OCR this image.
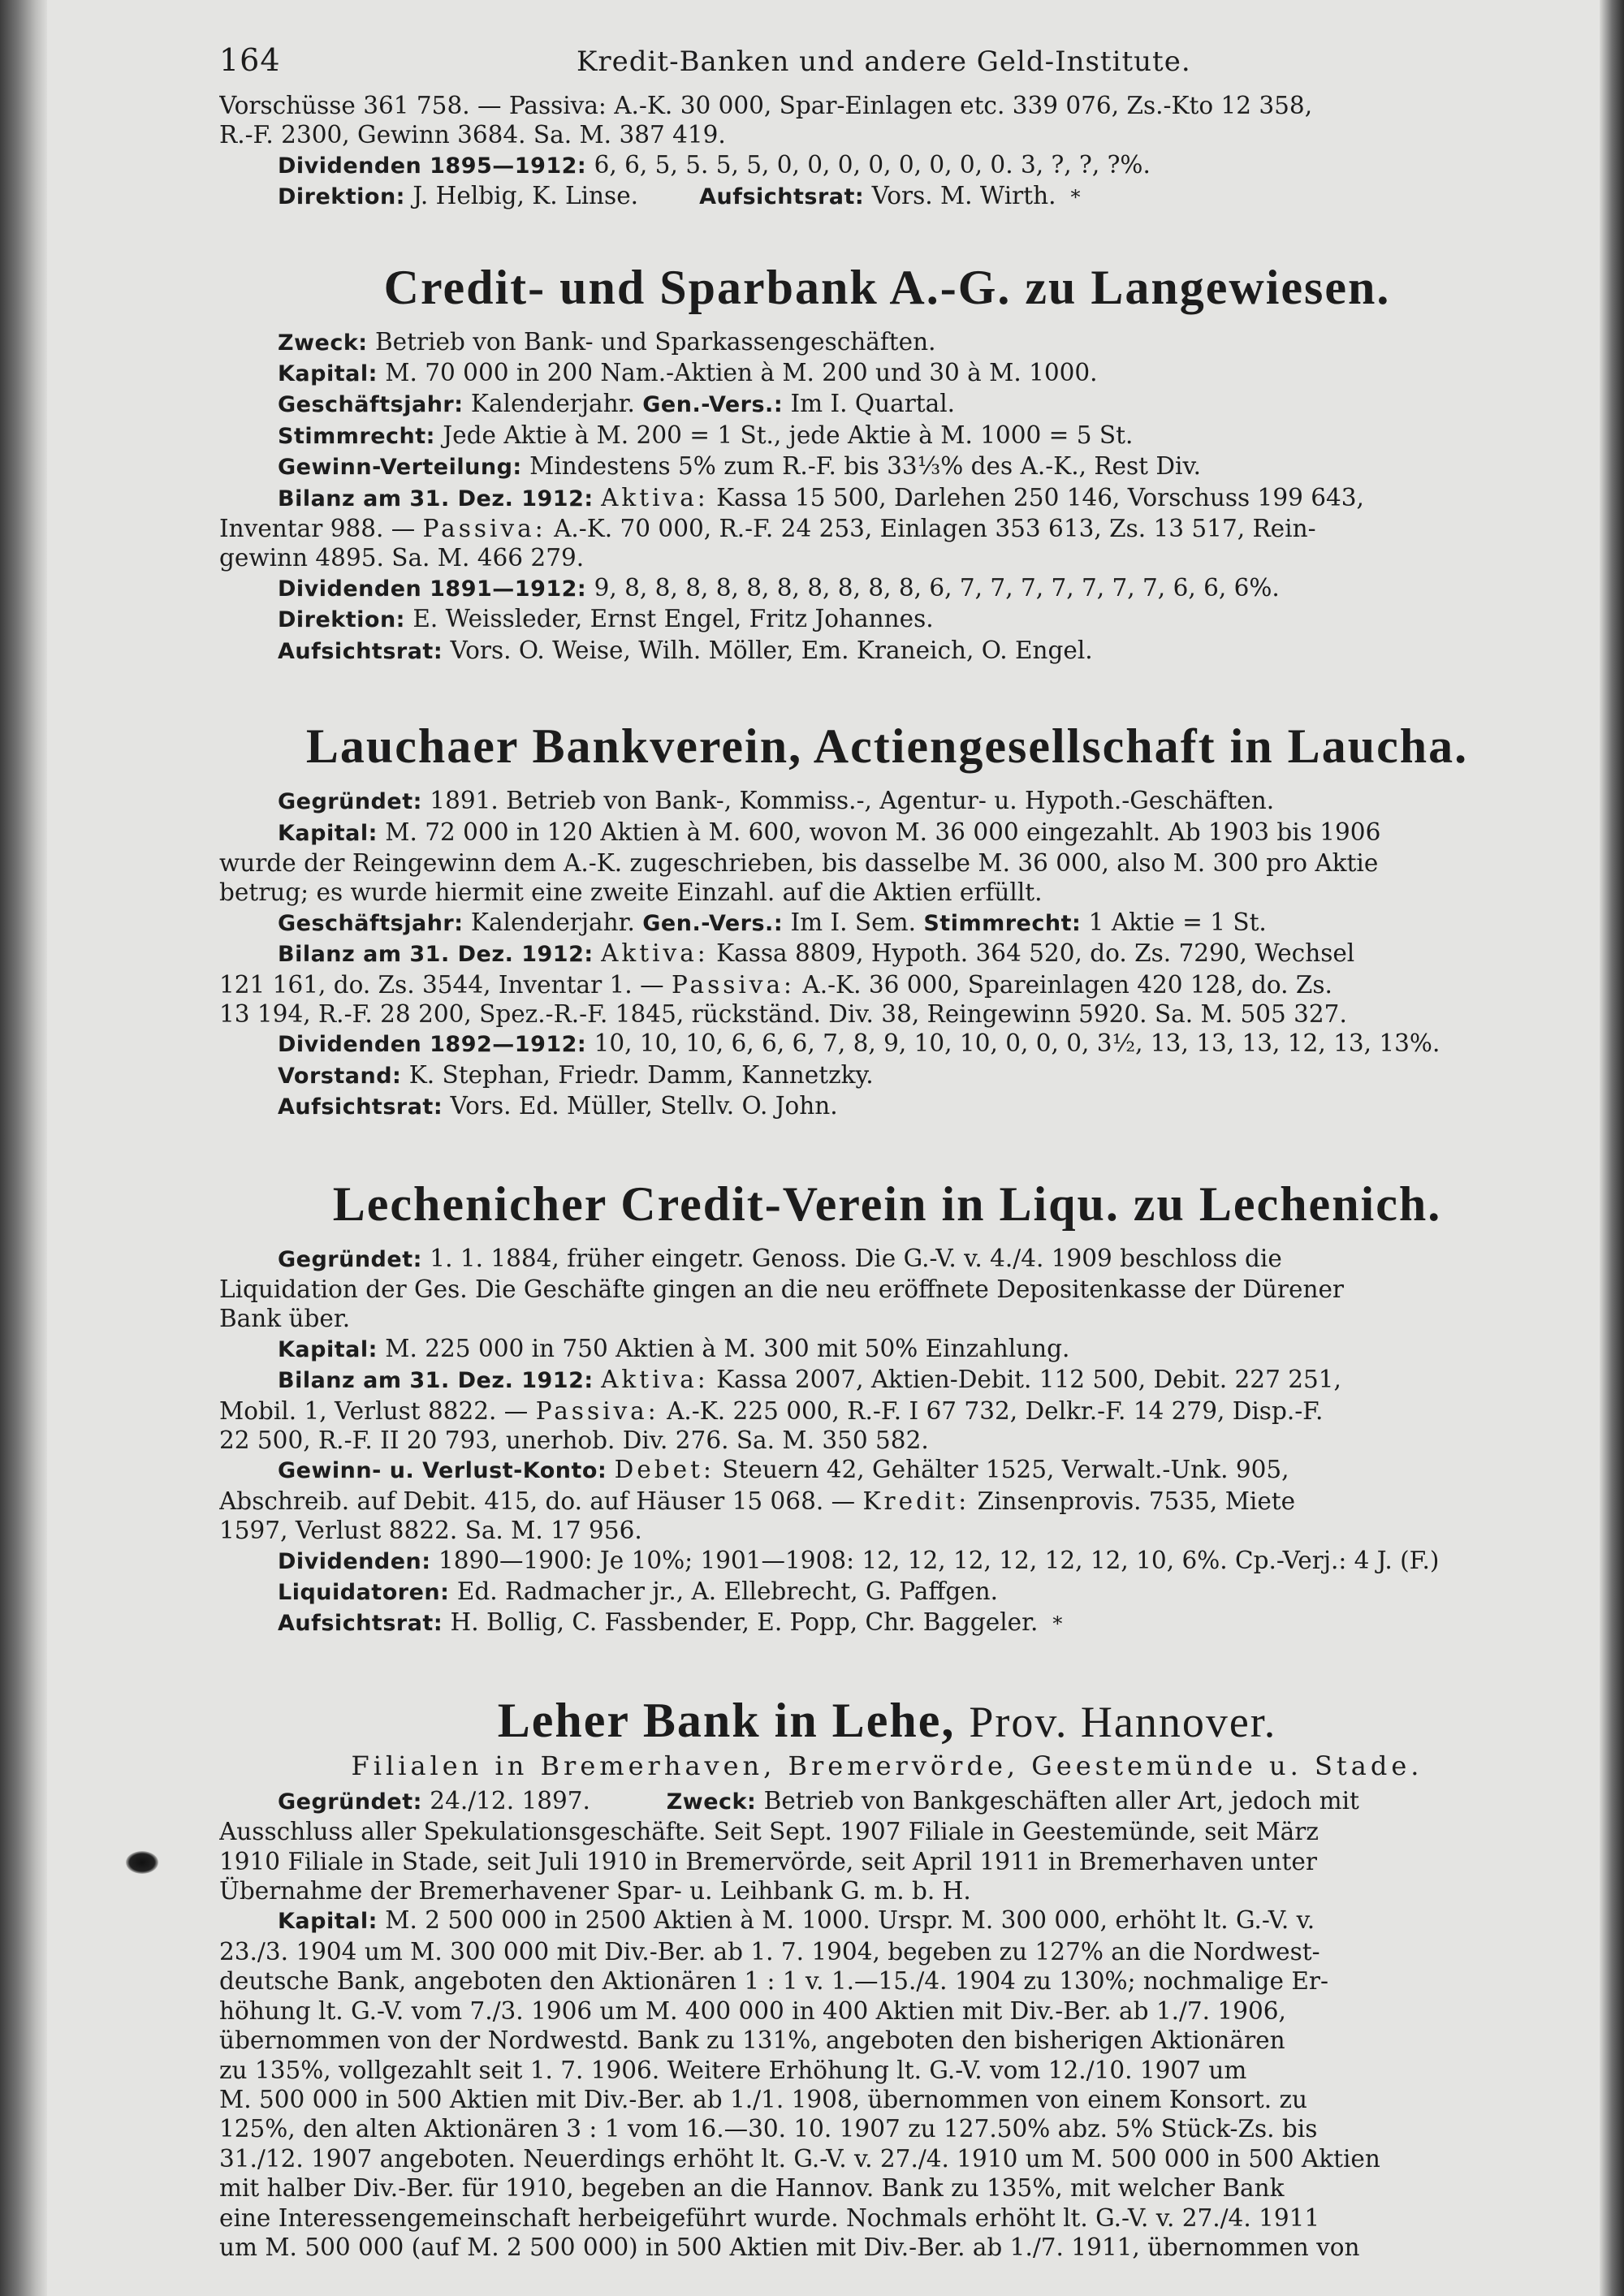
164	Kredit-Banken und andere Geld-Institute.

Vorschüsse 361 758. — Passiva: A.-K. 30 000, Spar-Einlagen etc. 339 076, Zs.-Kto 12 358,

R.-F. 2300, Gewinn 3684. Sa. M. 387 419.

Dividenden 1895—1912: 6, 6, 5, 5. 5, 5, 0, 0, 0, 0, 0, 0, 0, 0. 3, ?, ?, ?%.

Direktion: J. Helbig, K. Linse.	Aufsichtsrat: Vors. M. Wirth. *

Credit- und Sparbank A.-G. zu Langewiesen.

Zweck: Betrieb von Bank- und Sparkassengeschäften.

Kapital: M. 70 000 in 200 Nam.-Aktien à M. 200 und 30 à M. 1000.

Geschäftsjahr: Kalenderjahr. Gen.-Vers.: Im I. Quartal.

Stimmrecht: Jede Aktie à M. 200 = 1 St., jede Aktie à M. 1000 = 5 St.

Gewinn-Verteilung: Mindestens 5% zum R.-F. bis 33⅓% des A.-K., Rest Div.

Bilanz am 31. Dez. 1912: Aktiva: Kassa 15 500, Darlehen 250 146, Vorschuss 199 643,

Inventar 988. — Passiva: A.-K. 70 000, R.-F. 24 253, Einlagen 353 613, Zs. 13 517, Rein-

gewinn 4895. Sa. M. 466 279.

Dividenden 1891—1912: 9, 8, 8, 8, 8, 8, 8, 8, 8, 8, 8, 6, 7, 7, 7, 7, 7, 7, 7, 6, 6, 6%.

Direktion: E. Weissleder, Ernst Engel, Fritz Johannes.

Aufsichtsrat: Vors. O. Weise, Wilh. Möller, Em. Kraneich, O. Engel.

Lauchaer Bankverein, Actiengesellschaft in Laucha.

Gegründet: 1891. Betrieb von Bank-, Kommiss.-, Agentur- u. Hypoth.-Geschäften.

Kapital: M. 72 000 in 120 Aktien à M. 600, wovon M. 36 000 eingezahlt. Ab 1903 bis 1906

wurde der Reingewinn dem A.-K. zugeschrieben, bis dasselbe M. 36 000, also M. 300 pro Aktie

betrug; es wurde hiermit eine zweite Einzahl. auf die Aktien erfüllt.

Geschäftsjahr: Kalenderjahr. Gen.-Vers.: Im I. Sem. Stimmrecht: 1 Aktie = 1 St.

Bilanz am 31. Dez. 1912: Aktiva: Kassa 8809, Hypoth. 364 520, do. Zs. 7290, Wechsel

121 161, do. Zs. 3544, Inventar 1. — Passiva: A.-K. 36 000, Spareinlagen 420 128, do. Zs.

13 194, R.-F. 28 200, Spez.-R.-F. 1845, rückständ. Div. 38, Reingewinn 5920. Sa. M. 505 327.

Dividenden 1892—1912: 10, 10, 10, 6, 6, 6, 7, 8, 9, 10, 10, 0, 0, 0, 3½, 13, 13, 13, 12, 13, 13%.

Vorstand: K. Stephan, Friedr. Damm, Kannetzky.

Aufsichtsrat: Vors. Ed. Müller, Stellv. O. John.

Lechenicher Credit-Verein in Liqu. zu Lechenich.

Gegründet: 1. 1. 1884, früher eingetr. Genoss. Die G.-V. v. 4./4. 1909 beschloss die

Liquidation der Ges. Die Geschäfte gingen an die neu eröffnete Depositenkasse der Dürener

Bank über.

Kapital: M. 225 000 in 750 Aktien à M. 300 mit 50% Einzahlung.

Bilanz am 31. Dez. 1912: Aktiva: Kassa 2007, Aktien-Debit. 112 500, Debit. 227 251,

Mobil. 1, Verlust 8822. — Passiva: A.-K. 225 000, R.-F. I 67 732, Delkr.-F. 14 279, Disp.-F.

22 500, R.-F. II 20 793, unerhob. Div. 276. Sa. M. 350 582.

Gewinn- u. Verlust-Konto: Debet: Steuern 42, Gehälter 1525, Verwalt.-Unk. 905,

Abschreib. auf Debit. 415, do. auf Häuser 15 068. — Kredit: Zinsenprovis. 7535, Miete

1597, Verlust 8822. Sa. M. 17 956.

Dividenden: 1890—1900: Je 10%; 1901—1908: 12, 12, 12, 12, 12, 12, 10, 6%. Cp.-Verj.: 4 J. (F.)

Liquidatoren: Ed. Radmacher jr., A. Ellebrecht, G. Paffgen.

Aufsichtsrat: H. Bollig, C. Fassbender, E. Popp, Chr. Baggeler. *

Leher Bank in Lehe, Prov. Hannover.
Filialen in Bremerhaven, Bremervörde, Geestemünde u. Stade.

Gegründet: 24./12. 1897.	Zweck: Betrieb von Bankgeschäften aller Art, jedoch mit

Ausschluss aller Spekulationsgeschäfte. Seit Sept. 1907 Filiale in Geestemünde, seit März

1910 Filiale in Stade, seit Juli 1910 in Bremervörde, seit April 1911 in Bremerhaven unter

Übernahme der Bremerhavener Spar- u. Leihbank G. m. b. H.

Kapital: M. 2 500 000 in 2500 Aktien à M. 1000. Urspr. M. 300 000, erhöht lt. G.-V. v.

23./3. 1904 um M. 300 000 mit Div.-Ber. ab 1. 7. 1904, begeben zu 127% an die Nordwest-

deutsche Bank, angeboten den Aktionären 1 : 1 v. 1.—15./4. 1904 zu 130%; nochmalige Er-

höhung lt. G.-V. vom 7./3. 1906 um M. 400 000 in 400 Aktien mit Div.-Ber. ab 1./7. 1906,

übernommen von der Nordwestd. Bank zu 131%, angeboten den bisherigen Aktionären

zu 135%, vollgezahlt seit 1. 7. 1906. Weitere Erhöhung lt. G.-V. vom 12./10. 1907 um

M. 500 000 in 500 Aktien mit Div.-Ber. ab 1./1. 1908, übernommen von einem Konsort. zu

125%, den alten Aktionären 3 : 1 vom 16.—30. 10. 1907 zu 127.50% abz. 5% Stück-Zs. bis

31./12. 1907 angeboten. Neuerdings erhöht lt. G.-V. v. 27./4. 1910 um M. 500 000 in 500 Aktien

mit halber Div.-Ber. für 1910, begeben an die Hannov. Bank zu 135%, mit welcher Bank

eine Interessengemeinschaft herbeigeführt wurde. Nochmals erhöht lt. G.-V. v. 27./4. 1911

um M. 500 000 (auf M. 2 500 000) in 500 Aktien mit Div.-Ber. ab 1./7. 1911, übernommen von
